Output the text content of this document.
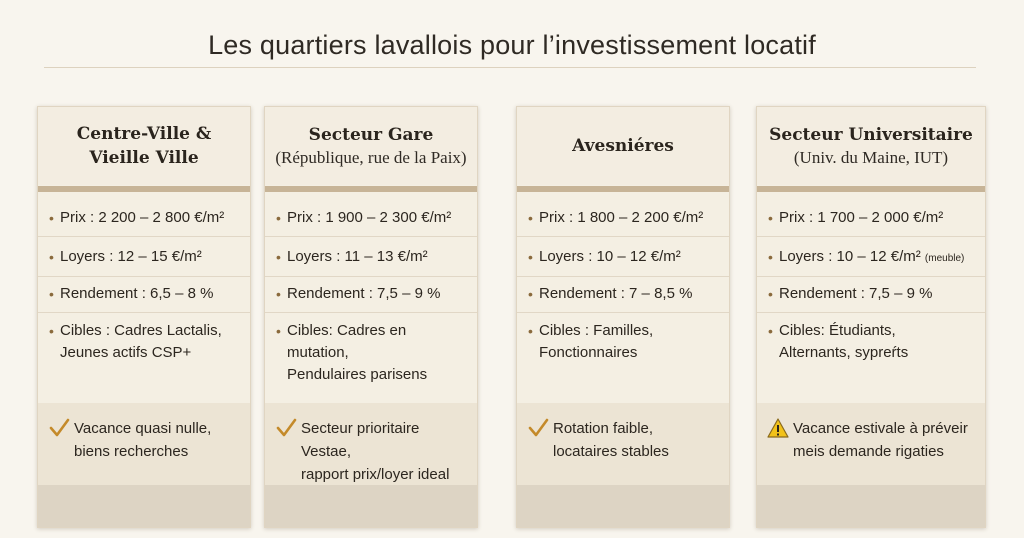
Les quartiers lavallois pour l’investissement locatif
Centre-Ville &
Vieille Ville
• Prix : 2 200 – 2 800 €/m²
• Loyers : 12 – 15 €/m²
• Rendement : 6,5 – 8 %
• Cibles : Cadres Lactalis,
Jeunes actifs CSP+
Vacance quasi nulle,
biens recherches
Secteur Gare
(République, rue de la Paix)
• Prix : 1 900 – 2 300 €/m²
• Loyers : 11 – 13 €/m²
• Rendement : 7,5 – 9 %
• Cibles: Cadres en mutation,
Pendulaires parisens
Secteur prioritaire Vestae,
rapport prix/loyer ideal
Avesniéres
• Prix : 1 800 – 2 200 €/m²
• Loyers : 10 – 12 €/m²
• Rendement : 7 – 8,5 %
• Cibles : Familles,
Fonctionnaires
Rotation faible,
locataires stables
Secteur Universitaire
(Univ. du Maine, IUT)
• Prix : 1 700 – 2 000 €/m²
• Loyers : 10 – 12 €/m² (meuble)
• Rendement : 7,5 – 9 %
• Cibles: Étudiants,
Alternants, sypreŕts
Vacance estivale à préveir
meis demande rigaties
